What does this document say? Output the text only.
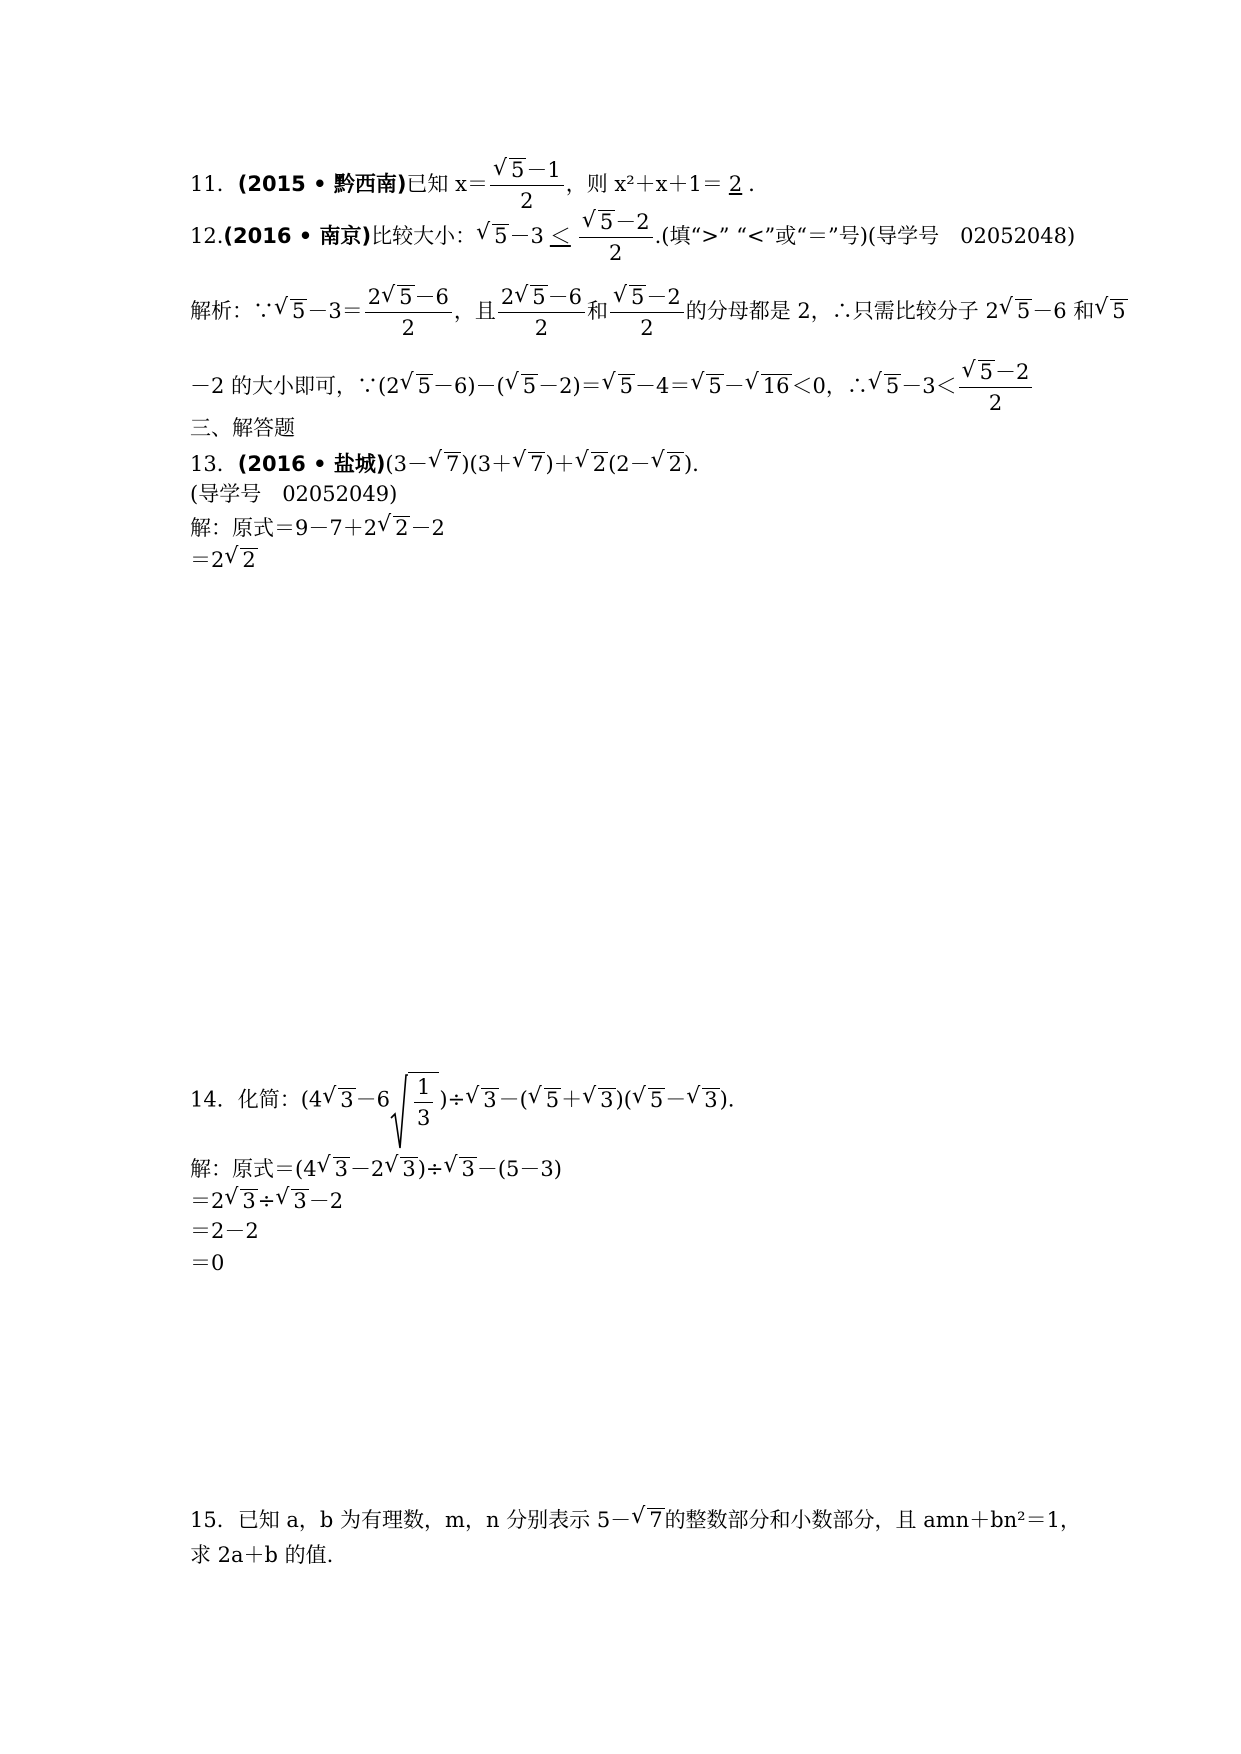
11．(2015 • 黔西南)已知 x＝ √ $\frac{5-1}{2}$ ，则 x²＋x＋1＝ 2 ．
12.(2016 • 南京)比较大小： √ 5－3 ＜ √ $\frac{5-2}{2}$ .(填“>” “<”或“＝”号)(导学号　02052048)
解析：∵ √ $5-3= \frac{2 √ 5-6}{2}$ ，且 $\frac{2 √ 5-6}{2}$ 和 √ $\frac{5-2}{2}$ 的分母都是 2，∴只需比较分子 2 √ 5－6 和 √ 5
－2 的大小即可，∵(2 √ 5－6)－( √ 5－2)＝ √ 5－4＝ √ 5－ √ 16＜0，∴ √ 5－3＜ √ $\frac{5-2}{2}$
三、解答题
13．(2016 • 盐城)(3－ √ 7)(3＋ √ 7)＋ √ 2(2－ √ 2)．
(导学号　02052049)
解：原式＝9－7＋2 √ 2－2
＝2 √ 2
14．化简：(4 √ $3-6 \frac{1}{3}$ )÷ √ 3－( √ 5＋ √ 3)( √ 5－ √ 3)．
解：原式＝(4 √ 3－2 √ 3)÷ √ 3－(5－3)
＝2 √ 3÷ √ 3－2
＝2－2
＝0
15．已知 a，b 为有理数，m，n 分别表示 5－ √ 7的整数部分和小数部分，且 amn＋bn²＝1，
求 2a＋b 的值.
